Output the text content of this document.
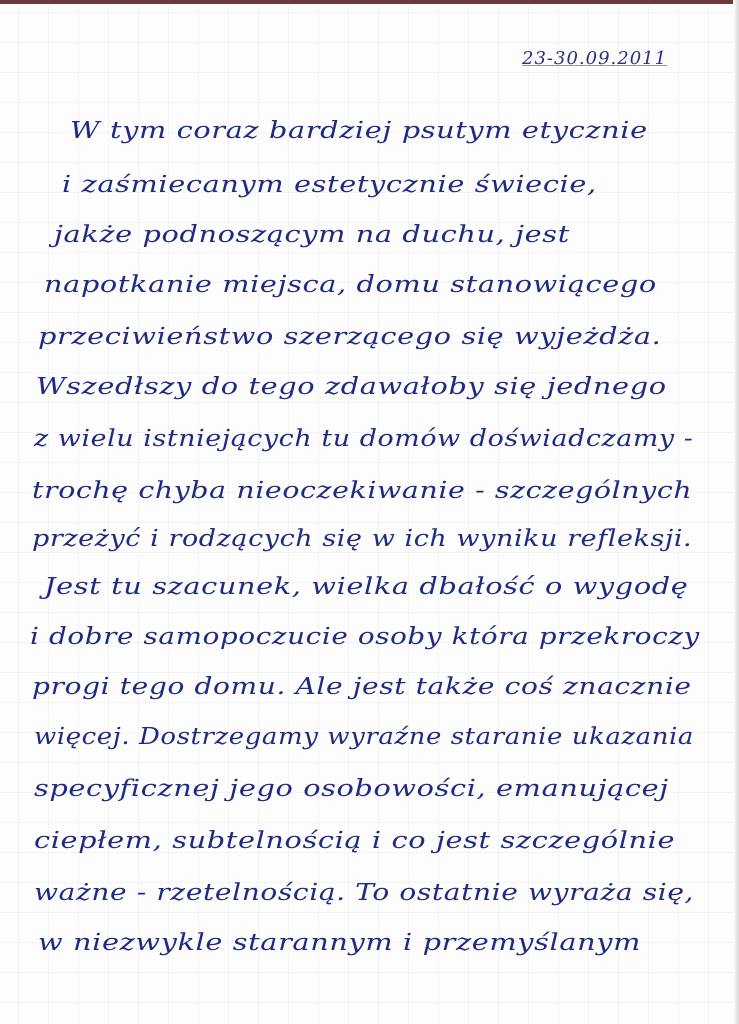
23-30.09.2011
W tym coraz bardziej psutym etycznie
i zaśmiecanym estetycznie świecie,
jakże podnoszącym na duchu, jest
napotkanie miejsca, domu stanowiącego
przeciwieństwo szerzącego się wyjeżdża.
Wszedłszy do tego zdawałoby się jednego
z wielu istniejących tu domów doświadczamy -
trochę chyba nieoczekiwanie - szczególnych
przeżyć i rodzących się w ich wyniku refleksji.
Jest tu szacunek, wielka dbałość o wygodę
i dobre samopoczucie osoby która przekroczy
progi tego domu. Ale jest także coś znacznie
więcej. Dostrzegamy wyraźne staranie ukazania
specyficznej jego osobowości, emanującej
ciepłem, subtelnością i co jest szczególnie
ważne - rzetelnością. To ostatnie wyraża się,
w niezwykle starannym i przemyślanym
